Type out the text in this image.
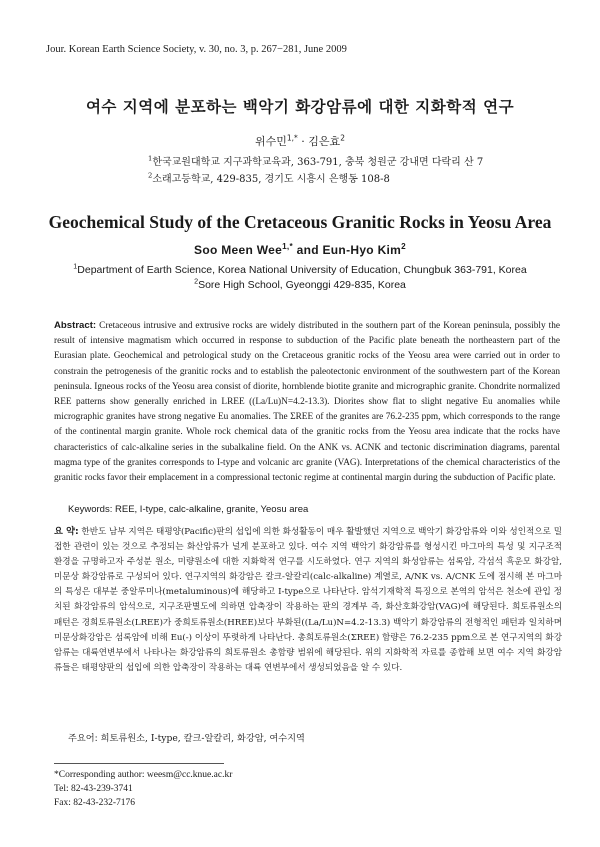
Jour. Korean Earth Science Society, v. 30, no. 3, p. 267−281, June 2009
여수 지역에 분포하는 백악기 화강암류에 대한 지화학적 연구
위수민$^{1,*}$ · 김은효$^2$
$^1$한국교원대학교 지구과학교육과, 363-791, 충북 청원군 강내면 다락리 산 7
$^2$소래고등학교, 429-835, 경기도 시흥시 은행동 108-8
Geochemical Study of the Cretaceous Granitic Rocks in Yeosu Area
Soo Meen Wee$^{1,*}$ and Eun-Hyo Kim$^2$
$^1$Department of Earth Science, Korea National University of Education, Chungbuk 363-791, Korea
$^2$Sore High School, Gyeonggi 429-835, Korea

Abstract: Cretaceous intrusive and extrusive rocks are widely distributed in the southern part of the Korean peninsula, possibly the result of intensive magmatism which occurred in response to subduction of the Pacific plate beneath the northeastern part of the Eurasian plate. Geochemical and petrological study on the Cretaceous granitic rocks of the Yeosu area were carried out in order to constrain the petrogenesis of the granitic rocks and to establish the paleotectonic environment of the southwestern part of the Korean peninsula. Igneous rocks of the Yeosu area consist of diorite, hornblende biotite granite and micrographic granite. Chondrite normalized REE patterns show generally enriched in LREE ((La/Lu)N=4.2-13.3). Diorites show flat to slight negative Eu anomalies while micrographic granites have strong negative Eu anomalies. The ΣREE of the granites are 76.2-235 ppm, which corresponds to the range of the continental margin granite. Whole rock chemical data of the granitic rocks from the Yeosu area indicate that the rocks have characteristics of calc-alkaline series in the subalkaline field. On the ANK vs. ACNK and tectonic discrimination diagrams, parental magma type of the granites corresponds to I-type and volcanic arc granite (VAG). Interpretations of the chemical characteristics of the granitic rocks favor their emplacement in a compressional tectonic regime at continental margin during the subduction of Pacific plate.

Keywords: REE, I-type, calc-alkaline, granite, Yeosu area

요 약: 한반도 남부 지역은 태평양(Pacific)판의 섭입에 의한 화성활동이 매우 활발했던 지역으로 백악기 화강암류와 이와 성인적으로 밀접한 관련이 있는 것으로 추정되는 화산암류가 널게 분포하고 있다. 여수 지역 백악기 화강암류를 형성시킨 마그마의 특성 및 지구조적 환경을 규명하고자 주성분 원소, 미량원소에 대한 지화학적 연구를 시도하였다. 연구 지역의 화성암류는 섬록암, 각섬석 흑운모 화강암, 미문상 화강암류로 구성되어 있다. 연구지역의 화강암은 칼크-알칼리(calc-alkaline) 계열로, A/NK vs. A/CNK 도에 점시해 본 마그마의 특성은 대부분 중알루미나(metaluminous)에 해당하고 I-type으로 나타난다. 암석기재학적 특징으로 본역의 암석은 천소에 관입 정치된 화강암류의 암석으로, 지구조판별도에 의하면 압축장이 작용하는 판의 경계부 즉, 화산호화강암(VAG)에 해당된다. 희토류원소의 패턴은 경희토류원소(LREE)가 중희토류원소(HREE)보다 부화된((La/Lu)N=4.2-13.3) 백악기 화강암류의 전형적인 패턴과 일치하며 미문상화강암은 섬록암에 비해 Eu(-) 이상이 뚜렷하게 나타난다. 총희토류원소(ΣREE) 함량은 76.2-235 ppm으로 본 연구지역의 화강암류는 대륙연변부에서 나타나는 화강암류의 희토류원소 총함량 범위에 해당된다. 위의 지화학적 자료를 종합해 보면 여수 지역 화강암류들은 태평양판의 섭입에 의한 압축장이 작용하는 대륙 연변부에서 생성되었음을 알 수 있다.

주요어: 희토류원소, I-type, 칼크-알칼리, 화강암, 여수지역
*Corresponding author: weesm@cc.knue.ac.kr
Tel: 82-43-239-3741
Fax: 82-43-232-7176
